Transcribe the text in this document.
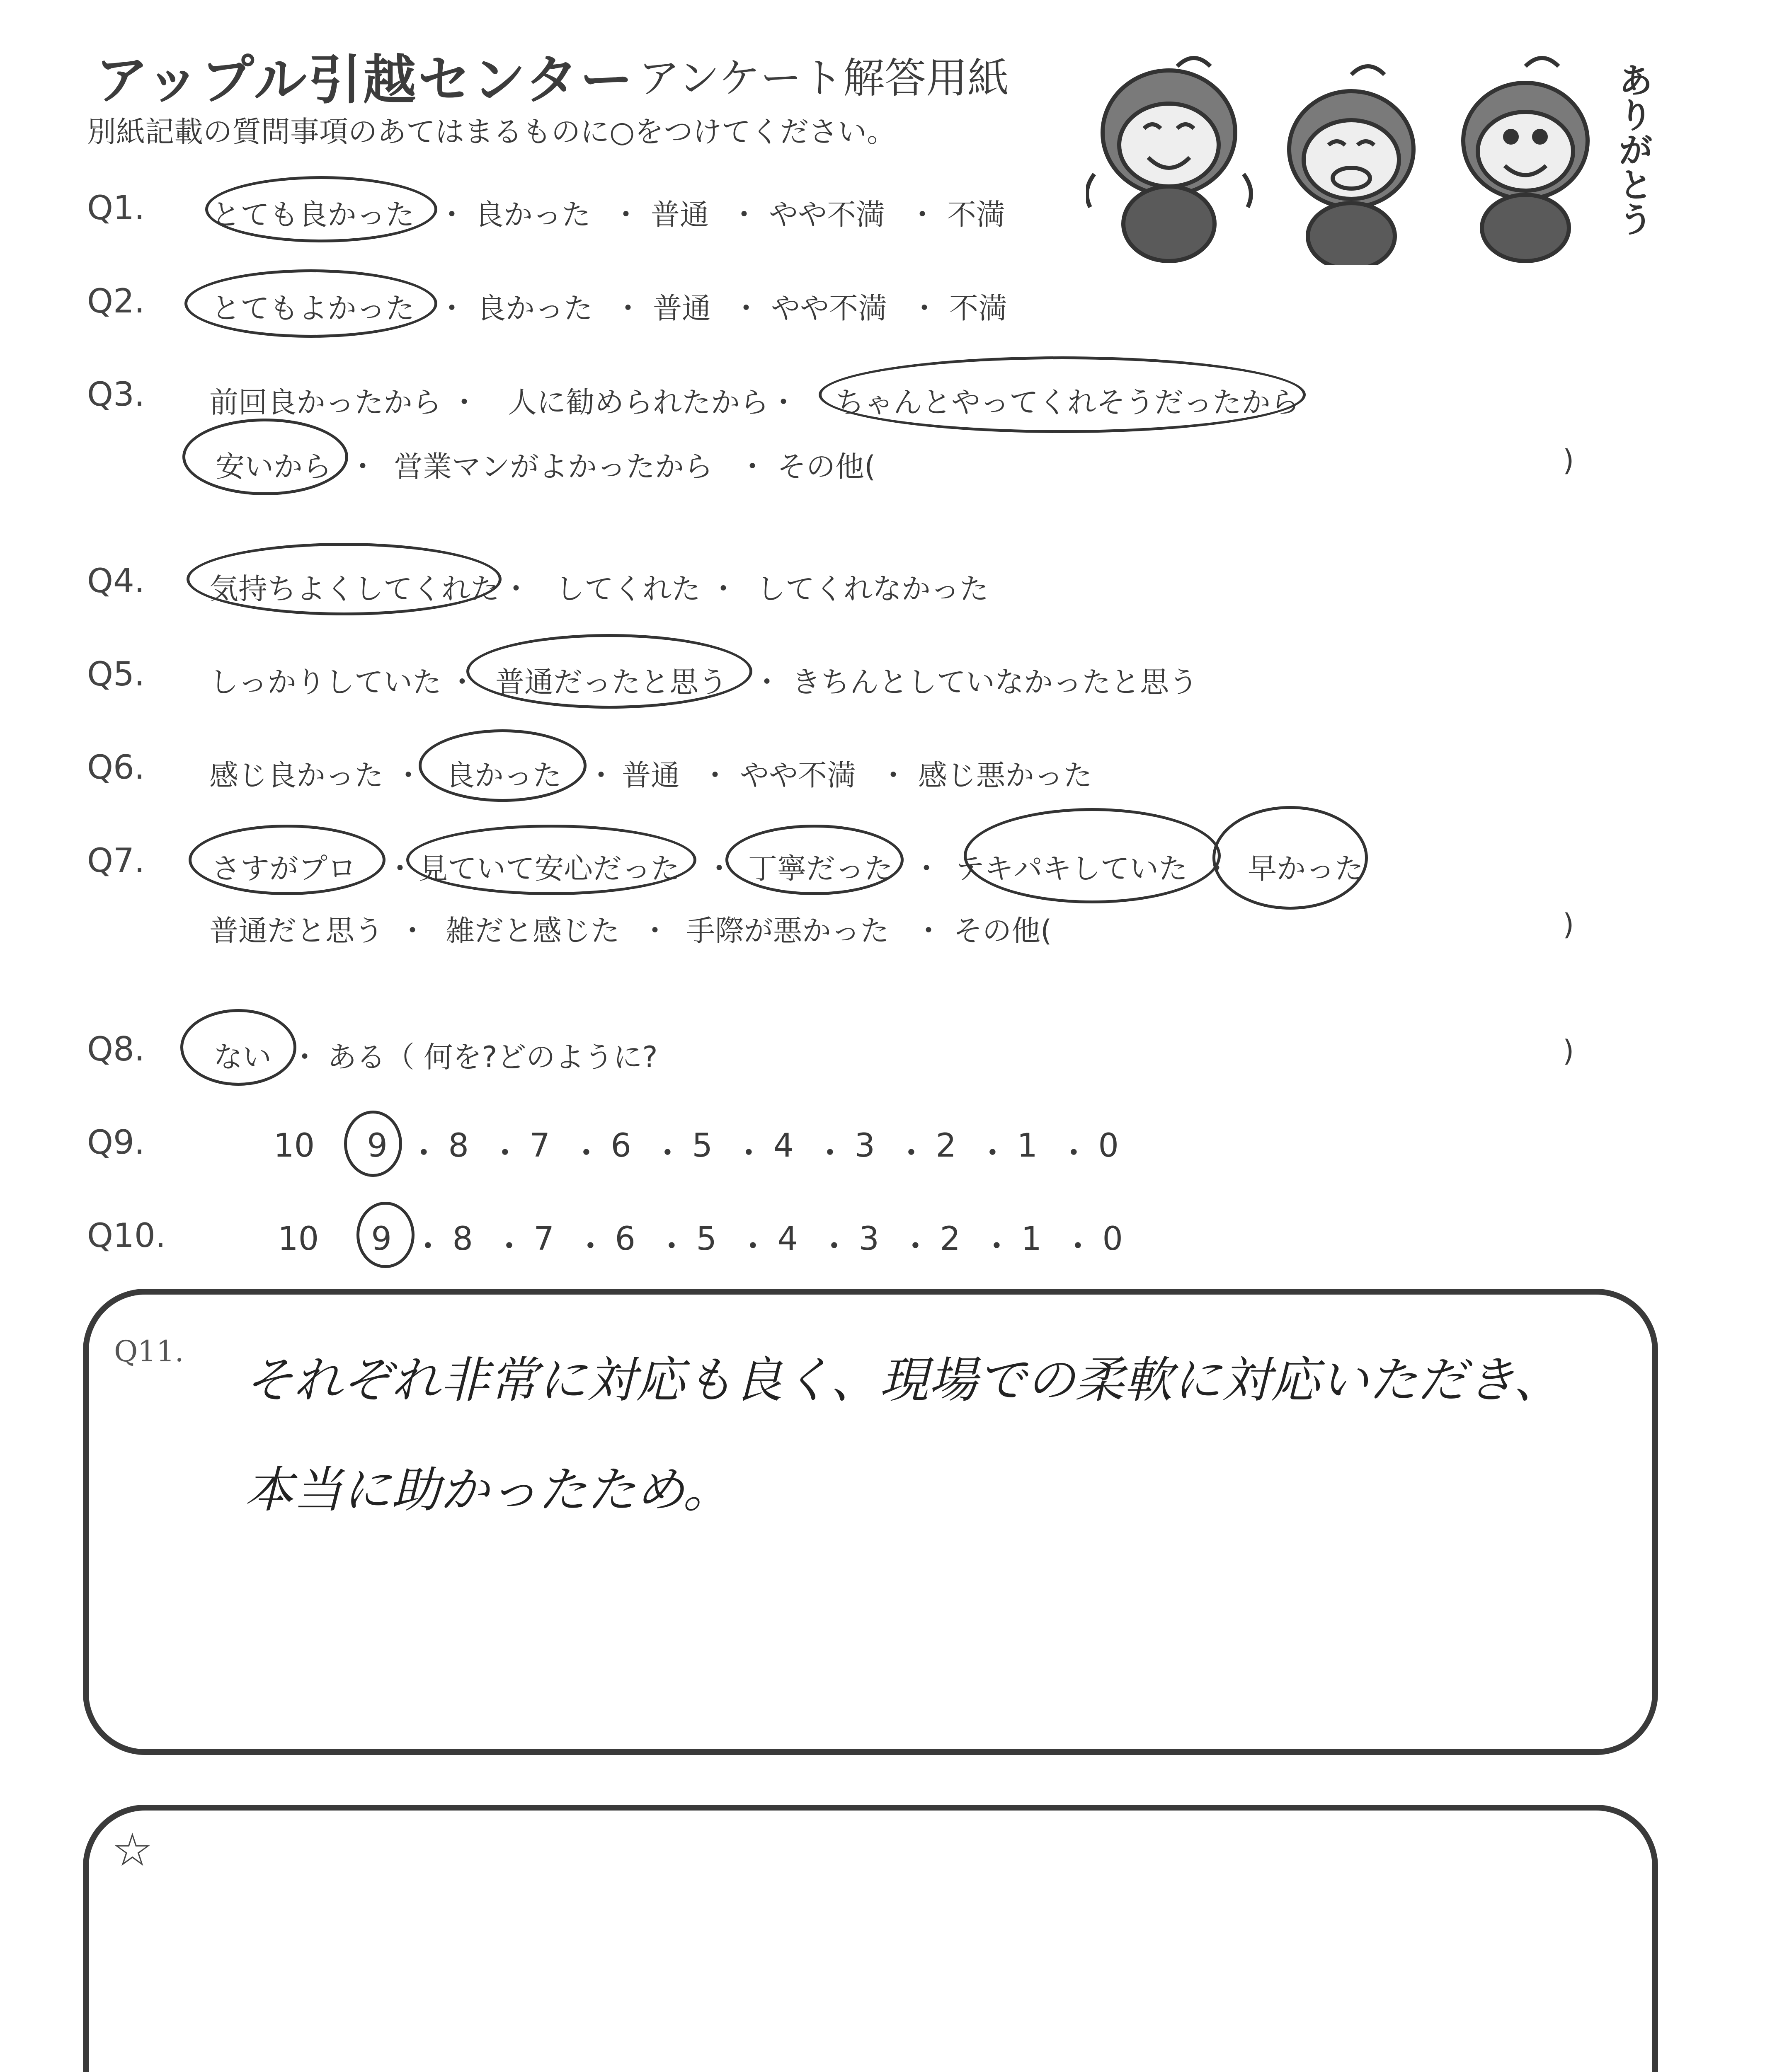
アップル引越センター アンケート解答用紙
別紙記載の質問事項のあてはまるものに○をつけてください。	ありがとう
Q1. とても良かった ・ 良かった ・ 普通 ・ やや不満 ・ 不満
Q2. とてもよかった ・ 良かった ・ 普通 ・ やや不満 ・ 不満
Q3. 前回良かったから ・ 人に勧められたから ・ ちゃんとやってくれそうだったから
安いから ・ 営業マンがよかったから ・ その他(	)
Q4. 気持ちよくしてくれた ・ してくれた ・ してくれなかった
Q5. しっかりしていた ・ 普通だったと思う ・ きちんとしていなかったと思う
Q6. 感じ良かった ・ 良かった ・ 普通 ・ やや不満 ・ 感じ悪かった
Q7. さすがプロ ・ 見ていて安心だった ・ 丁寧だった ・ テキパキしていた ・ 早かった
普通だと思う ・ 雑だと感じた ・ 手際が悪かった ・ その他(	)
Q8. ない ・ ある（ 何を?どのように?	)
Q9.	10 9 ・ 8 ・ 7 ・ 6 ・ 5 ・ 4 ・ 3 ・ 2 ・ 1 ・ 0
Q10.	10 9 ・ 8 ・ 7 ・ 6 ・ 5 ・ 4 ・ 3 ・ 2 ・ 1 ・ 0
Q11. それぞれ非常に対応も良く、現場での柔軟に対応いただき、
本当に助かったため。
☆
